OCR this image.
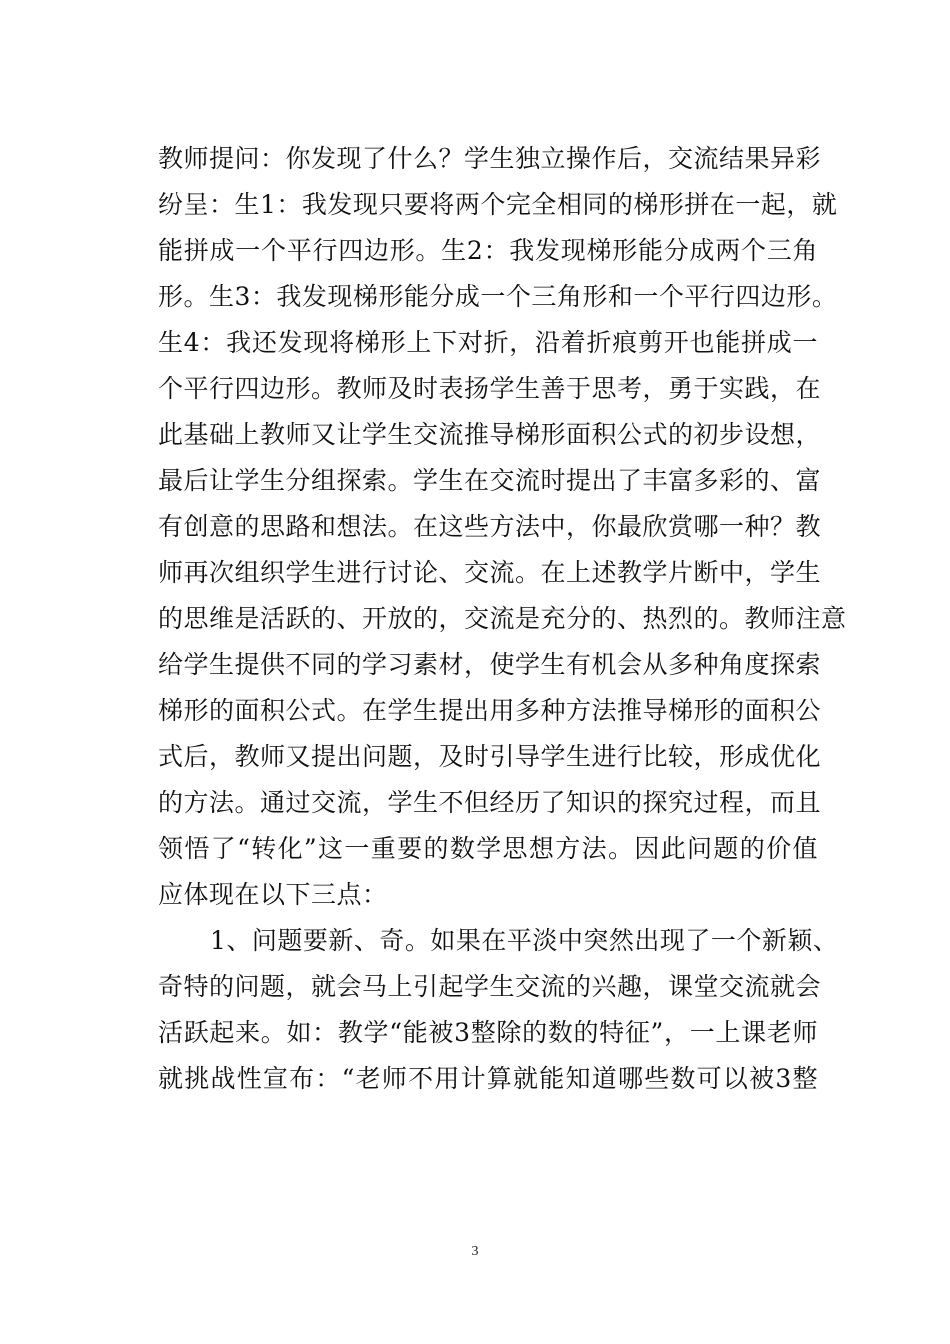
教师提问：你发现了什么？学生独立操作后，交流结果异彩
纷呈：生1：我发现只要将两个完全相同的梯形拼在一起，就
能拼成一个平行四边形。生2：我发现梯形能分成两个三角
形。生3：我发现梯形能分成一个三角形和一个平行四边形。
生4：我还发现将梯形上下对折，沿着折痕剪开也能拼成一
个平行四边形。教师及时表扬学生善于思考，勇于实践，在
此基础上教师又让学生交流推导梯形面积公式的初步设想，
最后让学生分组探索。学生在交流时提出了丰富多彩的、富
有创意的思路和想法。在这些方法中，你最欣赏哪一种？教
师再次组织学生进行讨论、交流。在上述教学片断中，学生
的思维是活跃的、开放的，交流是充分的、热烈的。教师注意
给学生提供不同的学习素材，使学生有机会从多种角度探索
梯形的面积公式。在学生提出用多种方法推导梯形的面积公
式后，教师又提出问题，及时引导学生进行比较，形成优化
的方法。通过交流，学生不但经历了知识的探究过程，而且
领悟了“转化”这一重要的数学思想方法。因此问题的价值
应体现在以下三点：
1、问题要新、奇。如果在平淡中突然出现了一个新颖、
奇特的问题，就会马上引起学生交流的兴趣，课堂交流就会
活跃起来。如：教学“能被3整除的数的特征”，一上课老师
就挑战性宣布：“老师不用计算就能知道哪些数可以被3整
3
